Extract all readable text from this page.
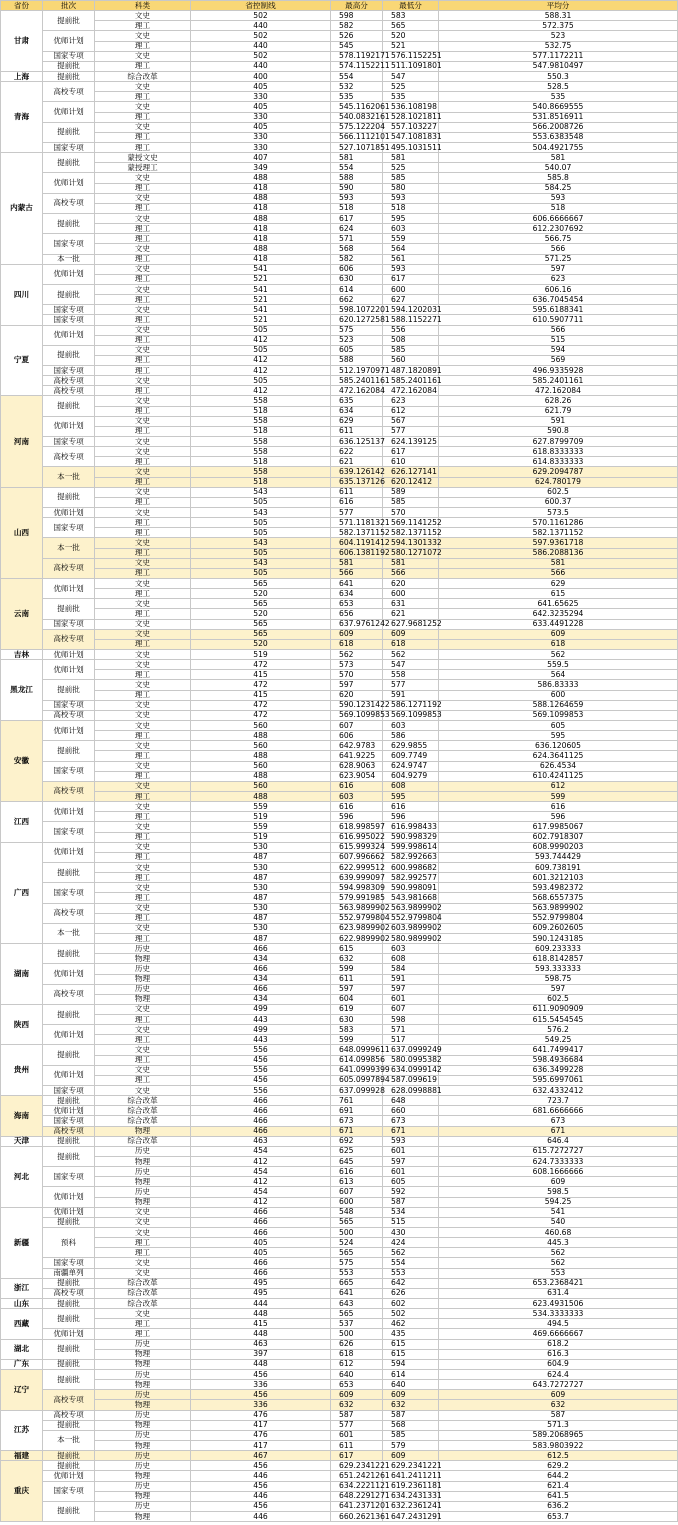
省份	批次	科类	省控制线	最高分	最低分	平均分
甘肃	提前批	文史	502	598	583	588.31
		理工	440	582	565	572.375
	优师计划	文史	502	526	520	523
		理工	440	545	521	532.75
	国家专项	文史	502	578.1192171	576.1152251	577.1172211
	提前批	理工	440	574.1152211	511.1091801	547.9810497
上海	提前批	综合改革	400	554	547	550.3
青海	高校专项	文史	405	532	525	528.5
		理工	330	535	535	535
	优师计划	文史	405	545.1162061	536.108198	540.8669555
		理工	330	540.0832161	528.1021811	531.8516911
	提前批	文史	405	575.122204	557.103227	566.2008726
		理工	330	566.1112101	547.1081831	553.6383548
	国家专项	理工	330	527.1071851	495.1031511	504.4921755
内蒙古	提前批	蒙授文史	407	581	581	581
		蒙授理工	349	554	525	540.07
	优师计划	文史	488	588	585	585.8
		理工	418	590	580	584.25
	高校专项	文史	488	593	593	593
		理工	418	518	518	518
	提前批	文史	488	617	595	606.6666667
		理工	418	624	603	612.2307692
	国家专项	理工	418	571	559	566.75
		文史	488	568	564	566
	本一批	理工	418	582	561	571.25
四川	优师计划	文史	541	606	593	597
		理工	521	630	617	623
	提前批	文史	541	614	600	606.16
		理工	521	662	627	636.7045454
	国家专项	文史	541	598.1072201	594.1202031	595.6188341
	国家专项	理工	521	620.1272581	588.1152271	610.5907711
宁夏	优师计划	文史	505	575	556	566
		理工	412	523	508	515
	提前批	文史	505	605	585	594
		理工	412	588	560	569
	国家专项	理工	412	512.1970971	487.1820891	496.9335928
	高校专项	文史	505	585.2401161	585.2401161	585.2401161
	高校专项	理工	412	472.162084	472.162084	472.162084
河南	提前批	文史	558	635	623	628.26
		理工	518	634	612	621.79
	优师计划	文史	558	629	567	591
		理工	518	611	577	590.8
	国家专项	文史	558	636.125137	624.139125	627.8799709
	高校专项	文史	558	622	617	618.8333333
		理工	518	621	610	614.8333333
	本一批	文史	558	639.126142	626.127141	629.2094787
		理工	518	635.137126	620.12412	624.780179
山西	提前批	文史	543	611	589	602.5
		理工	505	616	585	600.37
	优师计划	文史	543	577	570	573.5
	国家专项	理工	505	571.1181321	569.1141252	570.1161286
		理工	505	582.1371152	582.1371152	582.1371152
	本一批	文史	543	604.1191412	594.1301332	597.9361718
		理工	505	606.1381192	580.1271072	586.2088136
	高校专项	文史	543	581	581	581
		理工	505	566	566	566
云南	优师计划	文史	565	641	620	629
		理工	520	634	600	615
	提前批	文史	565	653	631	641.65625
		理工	520	656	621	642.3235294
	国家专项	文史	565	637.9761242	627.9681252	633.4491228
	高校专项	文史	565	609	609	609
		理工	520	618	618	618
吉林	优师计划	文史	519	562	562	562
黑龙江	优师计划	文史	472	573	547	559.5
		理工	415	570	558	564
	提前批	文史	472	597	577	586.83333
		理工	415	620	591	600
	国家专项	文史	472	590.1231422	586.1271192	588.1264659
	高校专项	文史	472	569.1099853	569.1099853	569.1099853
安徽	优师计划	文史	560	607	603	605
		理工	488	606	586	595
	提前批	文史	560	642.9783	629.9855	636.120605
		理工	488	641.9225	609.7749	624.3641125
	国家专项	文史	560	628.9063	624.9747	626.4534
		理工	488	623.9054	604.9279	610.4241125
	高校专项	文史	560	616	608	612
		理工	488	603	595	599
江西	优师计划	文史	559	616	616	616
		理工	519	596	596	596
	国家专项	文史	559	618.998597	616.998433	617.9985067
		理工	519	616.995022	590.998329	602.7918307
广西	优师计划	文史	530	615.999324	599.998614	608.9990203
		理工	487	607.996662	582.992663	593.744429
	提前批	文史	530	622.999512	600.998682	609.738191
		理工	487	639.999097	582.992577	601.3212103
	国家专项	文史	530	594.998309	590.998091	593.4982372
		理工	487	579.991985	543.981668	568.6557375
	高校专项	文史	530	563.9899902	563.9899902	563.9899902
		理工	487	552.9799804	552.9799804	552.9799804
	本一批	文史	530	623.9899902	603.9899902	609.2602605
		理工	487	622.9899902	580.9899902	590.1243185
湖南	提前批	历史	466	615	603	609.233333
		物理	434	632	608	618.8142857
	优师计划	历史	466	599	584	593.333333
		物理	434	611	591	598.75
	高校专项	历史	466	597	597	597
		物理	434	604	601	602.5
陕西	提前批	文史	499	619	607	611.9090909
		理工	443	630	598	615.5454545
	优师计划	文史	499	583	571	576.2
		理工	443	599	517	549.25
贵州	提前批	文史	556	648.0999611	637.0999249	641.7499417
		理工	456	614.099856	580.0995382	598.4936684
	优师计划	文史	556	641.0999399	634.0999142	636.3499228
		理工	456	605.0997894	587.099619	595.6997061
	国家专项	文史	556	637.099928	628.0998881	632.4332412
海南	提前批	综合改革	466	761	648	723.7
	优师计划	综合改革	466	691	660	681.6666666
	国家专项	综合改革	466	673	673	673
	高校专项	物理	466	671	671	671
天津	提前批	综合改革	463	692	593	646.4
河北	提前批	历史	454	625	601	615.7272727
		物理	412	645	597	624.7333333
	国家专项	历史	454	616	601	608.1666666
		物理	412	613	605	609
	优师计划	历史	454	607	592	598.5
		物理	412	600	587	594.25
新疆	优师计划	文史	466	548	534	541
	提前批	文史	466	565	515	540
	预科	文史	466	500	430	460.68
		理工	405	524	424	445.3
		理工	405	565	562	562
	国家专项	文史	466	575	554	562
	南疆单列	文史	466	553	553	553
浙江	提前批	综合改革	495	665	642	653.2368421
	高校专项	综合改革	495	641	626	631.4
山东	提前批	综合改革	444	643	602	623.4931506
西藏	提前批	文史	448	565	502	534.3333333
		理工	415	537	462	494.5
	优师计划	理工	448	500	435	469.6666667
湖北	提前批	历史	463	626	615	618.2
		物理	397	618	615	616.3
广东	提前批	物理	448	612	594	604.9
辽宁	提前批	历史	456	640	614	624.4
		物理	336	653	640	643.7272727
	高校专项	历史	456	609	609	609
		物理	336	632	632	632
江苏	高校专项	历史	476	587	587	587
	提前批	物理	417	577	568	571.3
	本一批	历史	476	601	585	589.2068965
		物理	417	611	579	583.9803922
福建	提前批	历史	467	617	609	612.5
重庆	提前批	历史	456	629.2341221	629.2341221	629.2
	优师计划	物理	446	651.2421261	641.2411211	644.2
	国家专项	历史	456	634.2221121	619.2361181	621.4
		物理	446	648.2291271	634.2431331	641.5
	提前批	历史	456	641.2371201	632.2361241	636.2
		物理	446	660.2621361	647.2431291	653.7
